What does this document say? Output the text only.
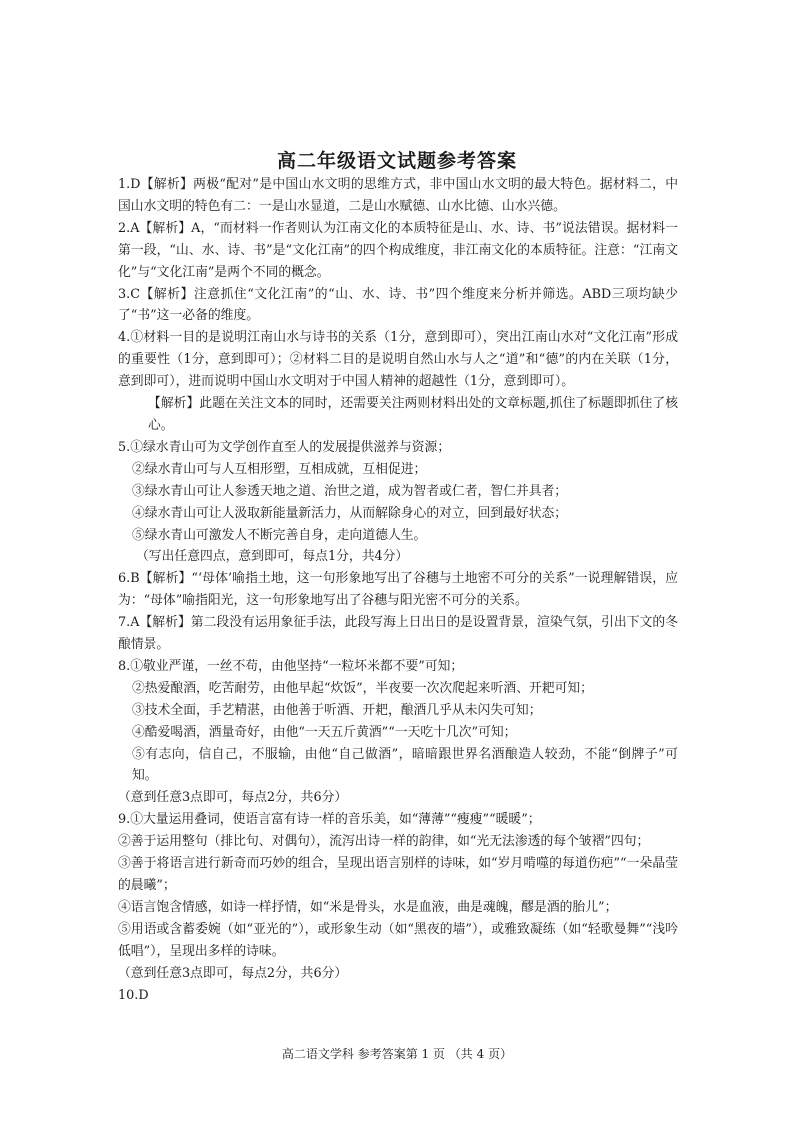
高二年级语文试题参考答案

1.D【解析】两极“配对”是中国山水文明的思维方式，非中国山水文明的最大特色。据材料二，中国山水文明的特色有二：一是山水显道，二是山水赋德、山水比德、山水兴德。

2.A【解析】A，“而材料一作者则认为江南文化的本质特征是山、水、诗、书”说法错误。据材料一第一段，“山、水、诗、书”是“文化江南”的四个构成维度，非江南文化的本质特征。注意：“江南文化”与“文化江南”是两个不同的概念。

3.C【解析】注意抓住“文化江南”的“山、水、诗、书”四个维度来分析并筛选。ABD三项均缺少了“书”这一必备的维度。

4.①材料一目的是说明江南山水与诗书的关系（1分，意到即可），突出江南山水对“文化江南”形成的重要性（1分，意到即可）；②材料二目的是说明自然山水与人之“道”和“德”的内在关联（1分，意到即可），进而说明中国山水文明对于中国人精神的超越性（1分，意到即可）。

【解析】此题在关注文本的同时，还需要关注两则材料出处的文章标题,抓住了标题即抓住了核心。

5.①绿水青山可为文学创作直至人的发展提供滋养与资源；

②绿水青山可与人互相形塑，互相成就，互相促进；

③绿水青山可让人参透天地之道、治世之道，成为智者或仁者，智仁并具者；

④绿水青山可让人汲取新能量新活力，从而解除身心的对立，回到最好状态；

⑤绿水青山可激发人不断完善自身，走向道德人生。

（写出任意四点，意到即可，每点1分，共4分）

6.B【解析】“‘母体’喻指土地，这一句形象地写出了谷穗与土地密不可分的关系”一说理解错误，应为：“母体”喻指阳光，这一句形象地写出了谷穗与阳光密不可分的关系。

7.A【解析】第二段没有运用象征手法，此段写海上日出日的是设置背景，渲染气氛，引出下文的冬酿情景。

8.①敬业严谨，一丝不苟，由他坚持“一粒坏米都不要”可知；

②热爱酿酒，吃苦耐劳，由他早起“炊饭”，半夜要一次次爬起来听酒、开耙可知；

③技术全面，手艺精湛，由他善于听酒、开耙，酿酒几乎从未闪失可知；

④酷爱喝酒，酒量奇好，由他“一天五斤黄酒”“一天吃十几次”可知；

⑤有志向，信自己，不服输，由他“自己做酒”，暗暗跟世界名酒酿造人较劲，不能“倒牌子”可知。

（意到任意3点即可，每点2分，共6分）

9.①大量运用叠词，使语言富有诗一样的音乐美，如“薄薄”“瘦瘦”“暖暖”；

②善于运用整句（排比句、对偶句），流泻出诗一样的韵律，如“光无法渗透的每个皱褶”四句；

③善于将语言进行新奇而巧妙的组合，呈现出语言别样的诗味，如“岁月啃噬的每道伤疤”“一朵晶莹的晨曦”；

④语言饱含情感，如诗一样抒情，如“米是骨头，水是血液，曲是魂魄，醪是酒的胎儿”；

⑤用语或含蓄委婉（如“亚光的”），或形象生动（如“黑夜的墙”），或雅致凝练（如“轻歌曼舞”“浅吟低唱”），呈现出多样的诗味。

（意到任意3点即可，每点2分，共6分）

10.D

高二语文学科 参考答案第 1 页 （共 4 页）
